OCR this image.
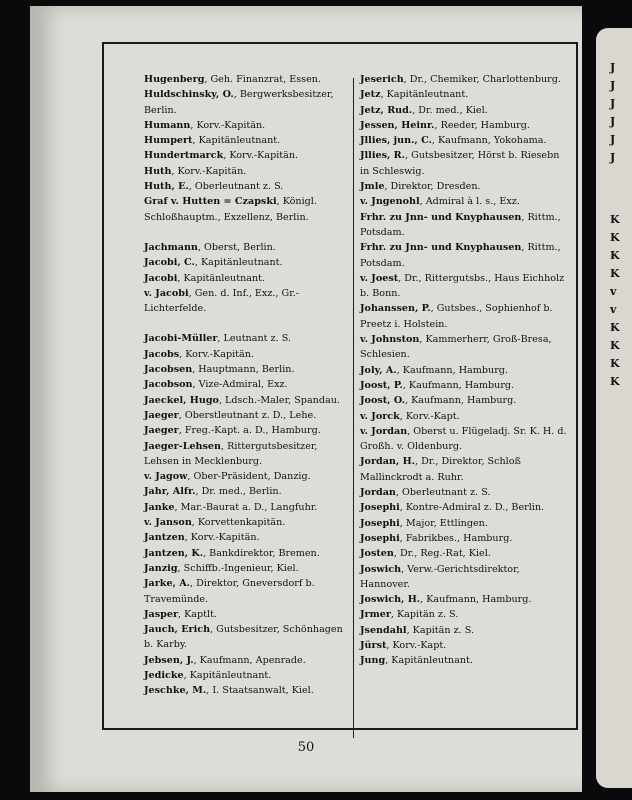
Hugenberg, Geh. Finanzrat, Essen.

Huldschinsky, O., Bergwerksbesitzer, Berlin.

Humann, Korv.-Kapitän.

Humpert, Kapitänleutnant.

Hundertmarck, Korv.-Kapitän.

Huth, Korv.-Kapitän.

Huth, E., Oberleutnant z. S.

Graf v. Hutten = Czapski, Königl. Schloßhauptm., Exzellenz, Berlin.

Jachmann, Oberst, Berlin.

Jacobi, C., Kapitänleutnant.

Jacobi, Kapitänleutnant.

v. Jacobi, Gen. d. Inf., Exz., Gr.-Lichterfelde.

Jacobi-Müller, Leutnant z. S.

Jacobs, Korv.-Kapitän.

Jacobsen, Hauptmann, Berlin.

Jacobson, Vize-Admiral, Exz.

Jaeckel, Hugo, Ldsch.-Maler, Spandau.

Jaeger, Oberstleutnant z. D., Lehe.

Jaeger, Freg.-Kapt. a. D., Hamburg.

Jaeger-Lehsen, Rittergutsbesitzer, Lehsen in Mecklenburg.

v. Jagow, Ober-Präsident, Danzig.

Jahr, Alfr., Dr. med., Berlin.

Janke, Mar.-Baurat a. D., Langfuhr.

v. Janson, Korvettenkapitän.

Jantzen, Korv.-Kapitän.

Jantzen, K., Bankdirektor, Bremen.

Janzig, Schiffb.-Ingenieur, Kiel.

Jarke, A., Direktor, Gneversdorf b. Travemünde.

Jasper, Kaptlt.

Jauch, Erich, Gutsbesitzer, Schönhagen b. Karby.

Jebsen, J., Kaufmann, Apenrade.

Jedicke, Kapitänleutnant.

Jeschke, M., I. Staatsanwalt, Kiel.

Jeserich, Dr., Chemiker, Charlottenburg.

Jetz, Kapitänleutnant.

Jetz, Rud., Dr. med., Kiel.

Jessen, Heinr., Reeder, Hamburg.

Jllies, jun., C., Kaufmann, Yokohama.

Jllies, R., Gutsbesitzer, Hörst b. Riesebn in Schleswig.

Jmle, Direktor, Dresden.

v. Jngenohl, Admiral à l. s., Exz.

Frhr. zu Jnn- und Knyphausen, Rittm., Potsdam.

Frhr. zu Jnn- und Knyphausen, Rittm., Potsdam.

v. Joest, Dr., Rittergutsbs., Haus Eichholz b. Bonn.

Johanssen, P., Gutsbes., Sophienhof b. Preetz i. Holstein.

v. Johnston, Kammerherr, Groß-Bresa, Schlesien.

Joly, A., Kaufmann, Hamburg.

Joost, P., Kaufmann, Hamburg.

Joost, O., Kaufmann, Hamburg.

v. Jorck, Korv.-Kapt.

v. Jordan, Oberst u. Flügeladj. Sr. K. H. d. Großh. v. Oldenburg.

Jordan, H., Dr., Direktor, Schloß Mallinckrodt a. Ruhr.

Jordan, Oberleutnant z. S.

Josephi, Kontre-Admiral z. D., Berlin.

Josephi, Major, Ettlingen.

Josephi, Fabrikbes., Hamburg.

Josten, Dr., Reg.-Rat, Kiel.

Joswich, Verw.-Gerichtsdirektor, Hannover.

Joswich, H., Kaufmann, Hamburg.

Jrmer, Kapitän z. S.

Jsendahl, Kapitän z. S.

Jürst, Korv.-Kapt.

Jung, Kapitänleutnant.

50
J
J
J
J
J
J
K
K
K
K
v
v
K
K
K
K
